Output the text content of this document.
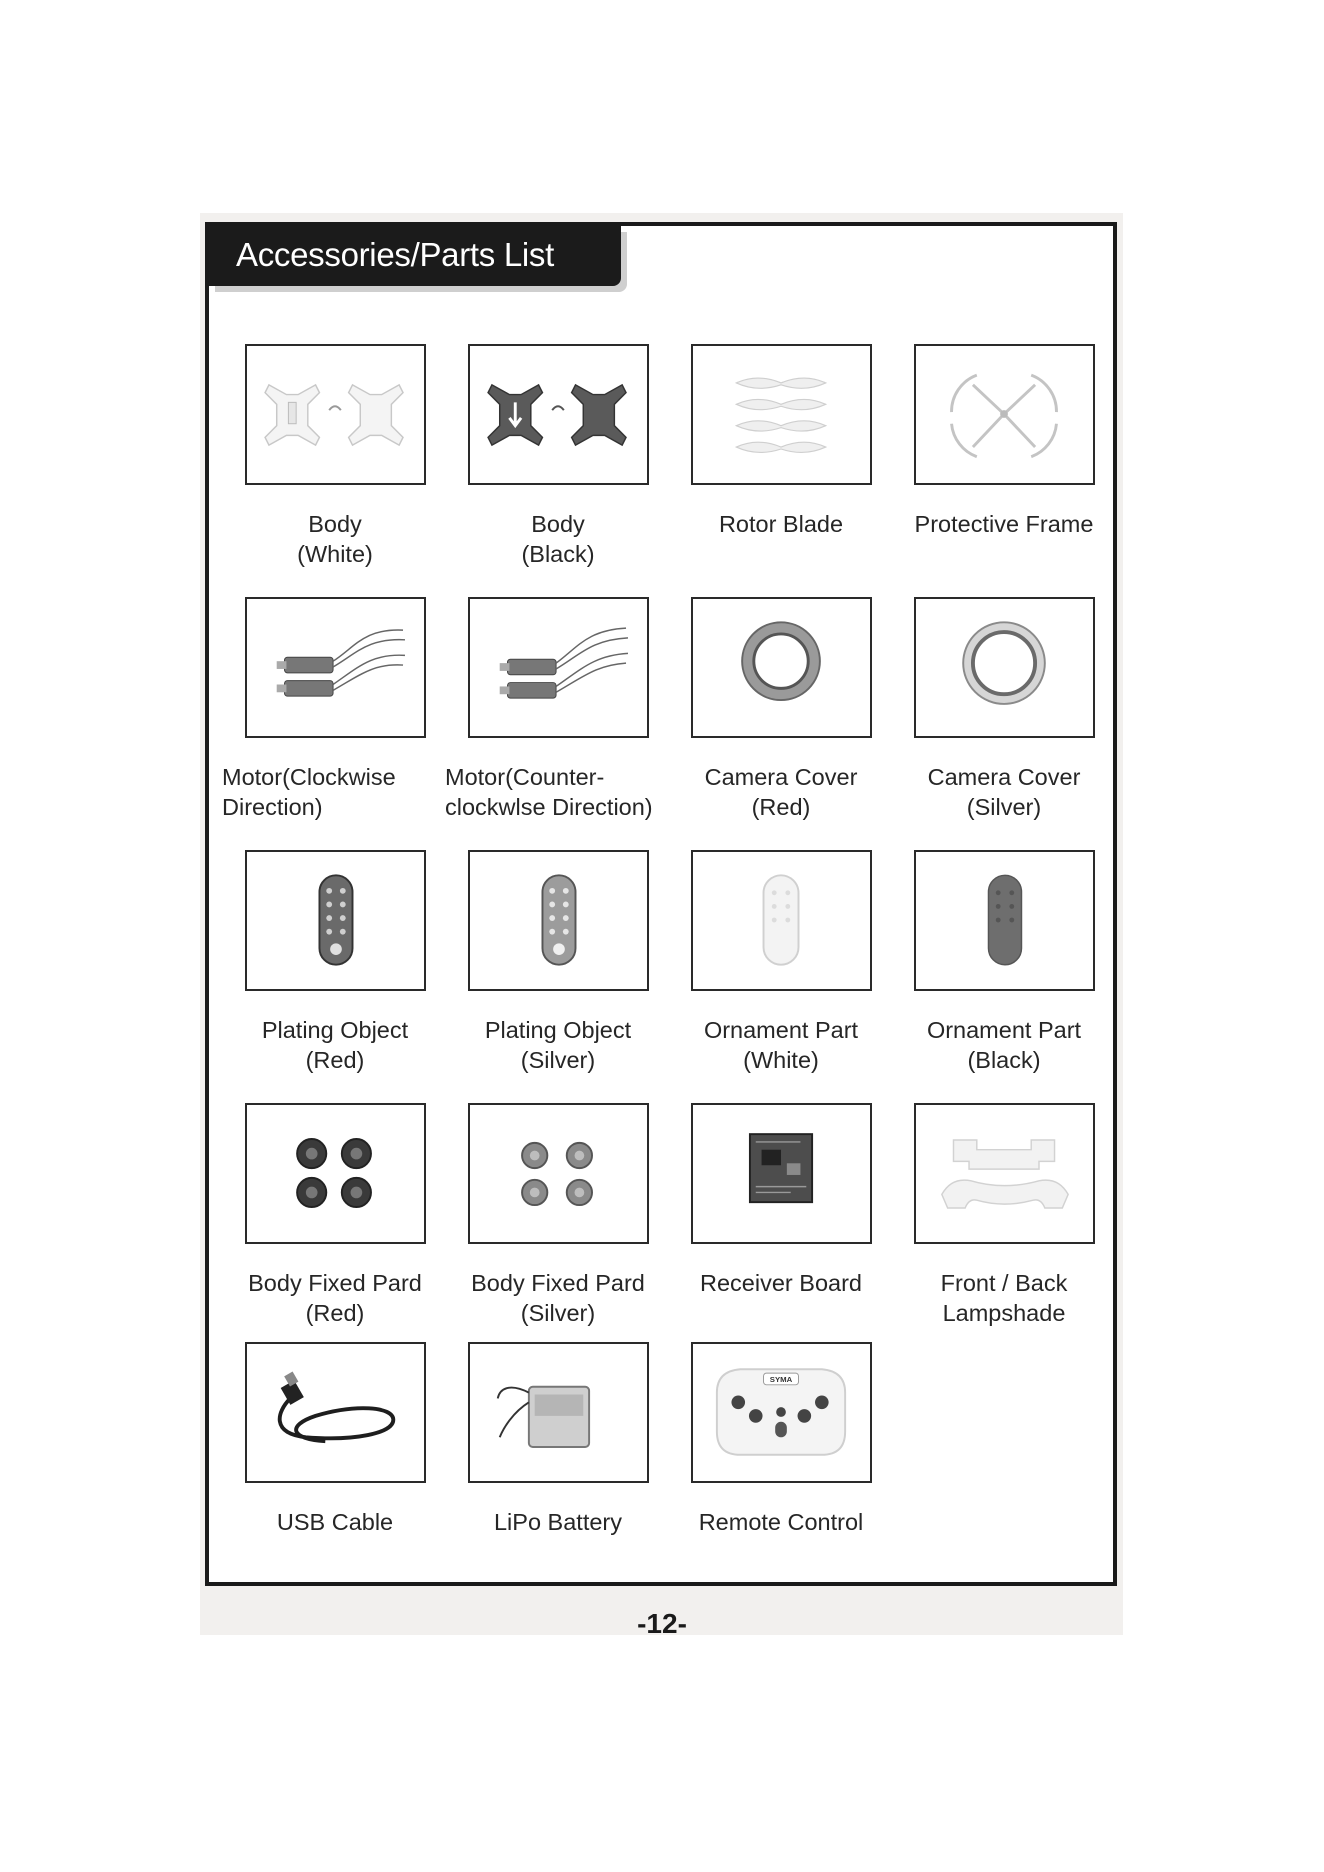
Accessories/Parts List
Body
(White)
Body
(Black)
Rotor Blade	Protective Frame
Motor(Clockwise
Direction)
Motor(Counter-
clockwlse Direction)
Camera Cover
(Red)
Camera Cover
(Silver)
Plating Object
(Red)
Plating Object
(Silver)
Ornament Part
(White)
Ornament Part
(Black)
Body Fixed Pard
(Red)
Body Fixed Pard
(Silver)
Receiver Board	Front / Back
Lampshade
USB Cable	LiPo Battery
SYMA
Remote Control
-12-
